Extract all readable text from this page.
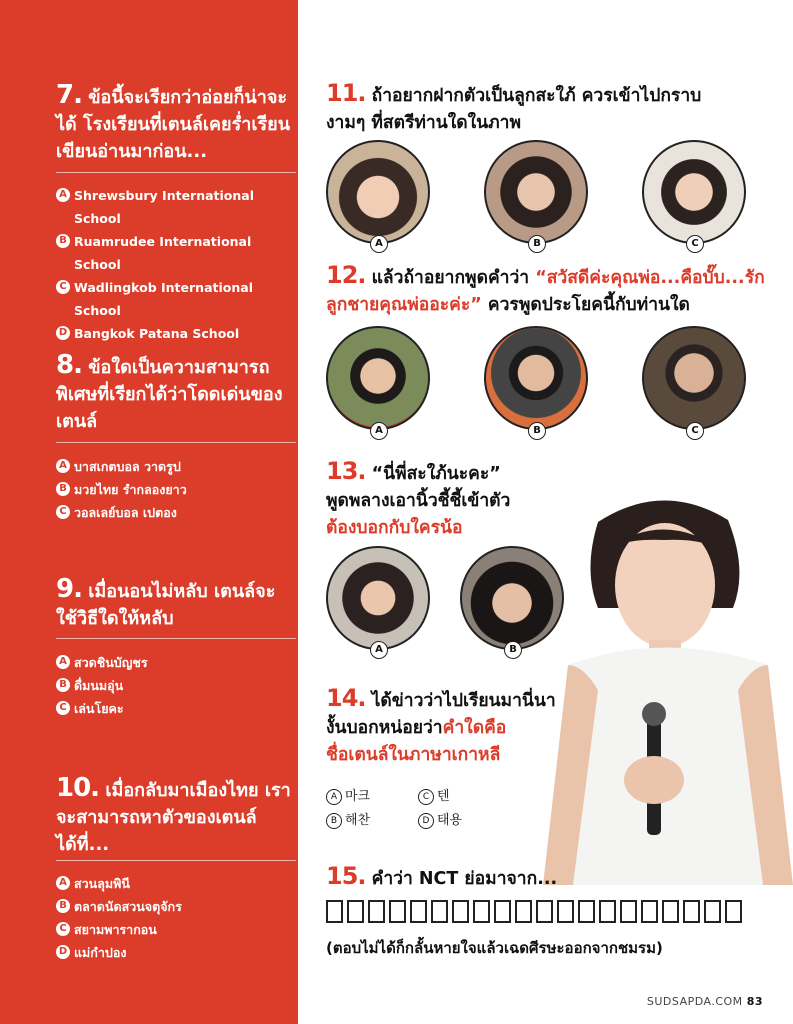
7. ข้อนี้จะเรียกว่าอ่อยก็น่าจะได้ โรงเรียนที่เตนล์เคยร่ำเรียนเขียนอ่านมาก่อน...
A Shrewsbury International School
B Ruamrudee International School
C Wadlingkob International School
D Bangkok Patana School
8. ข้อใดเป็นความสามารถพิเศษที่เรียกได้ว่าโดดเด่นของเตนล์
A บาสเกตบอล วาดรูป
B มวยไทย รำกลองยาว
C วอลเลย์บอล เปตอง
9. เมื่อนอนไม่หลับ เตนล์จะใช้วิธีใดให้หลับ
A สวดชินบัญชร
B ดื่มนมอุ่น
C เล่นโยคะ
10. เมื่อกลับมาเมืองไทย เราจะสามารถหาตัวของเตนล์ได้ที่...
A สวนลุมพินี
B ตลาดนัดสวนจตุจักร
C สยามพารากอน
D แม่กำปอง
11. ถ้าอยากฝากตัวเป็นลูกสะใภ้ ควรเข้าไปกราบงามๆ ที่สตรีท่านใดในภาพ
A	B	C
12. แล้วถ้าอยากพูดคำว่า “สวัสดีค่ะคุณพ่อ...คือบั๊บ...รักลูกชายคุณพ่ออะค่ะ” ควรพูดประโยคนี้กับท่านใด
A	B	C
13. “นี่พี่สะใภ้นะคะ”
พูดพลางเอานิ้วชี้ชี้เข้าตัว
ต้องบอกกับใครน้อ
A	B
14. ได้ข่าวว่าไปเรียนมานี่นา
งั้นบอกหน่อยว่าคำใดคือ
ชื่อเตนล์ในภาษาเกาหลี
A 마크	C 텐
B 해찬	D 태용
15. คำว่า NCT ย่อมาจาก...
(ตอบไม่ได้ก็กลั้นหายใจแล้วเฉดศีรษะออกจากชมรม)
SUDSAPDA.COM 83
